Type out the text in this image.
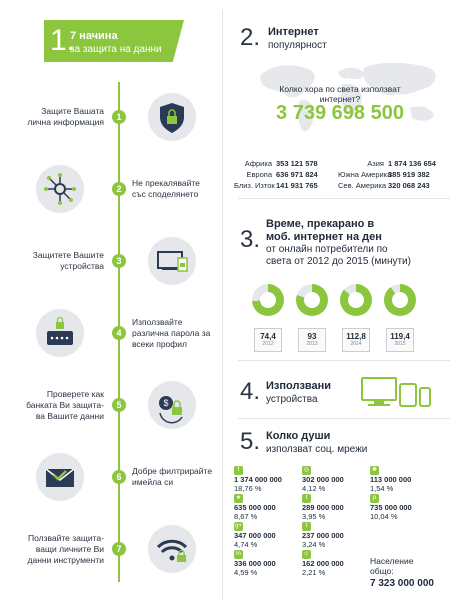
1.
7 начина
за защита на данни
1
Защите Вашата
лична информация
2
Не прекалявайте
със споделянето
3
Защитете Вашите
устройства
4
Използвайте
различна парола за
всеки профил
5
Проверете как
банката Ви защита-
ва Вашите данни
$
6
Добре филтрирайте
имейла си
7
Ползвайте защита-
ващи личните Ви
данни инструменти
2. Интернет
популярност
Колко хора по света използват
интернет?
3 739 698 500
Африка 353 121 578
Европа 636 971 824
Близ. Изток141 931 765
Азия 1 874 136 654
Южна Америка385 919 382
Сев. Америка 320 068 243
3.
Време, прекарано в
моб. интернет на ден
от онлайн потребители по
света от 2012 до 2015 (минути)
74,4
2012
93
2013
112,8
2014
119,4
2015
4. Използвани
устройства
5. Колко души
използват соц. мрежи
f
1 374 000 000
18,76 %
◎
302 000 000
4,12 %
✺
113 000 000
1,54 %
★
635 000 000
8,67 %
t
289 000 000
3,95 %
p
735 000 000
10,04 %
g+
347 000 000
4,74 %
t
237 000 000
3,24 %
in
336 000 000
4,59 %
☺
162 000 000
2,21 %
Население
общо:
7 323 000 000
